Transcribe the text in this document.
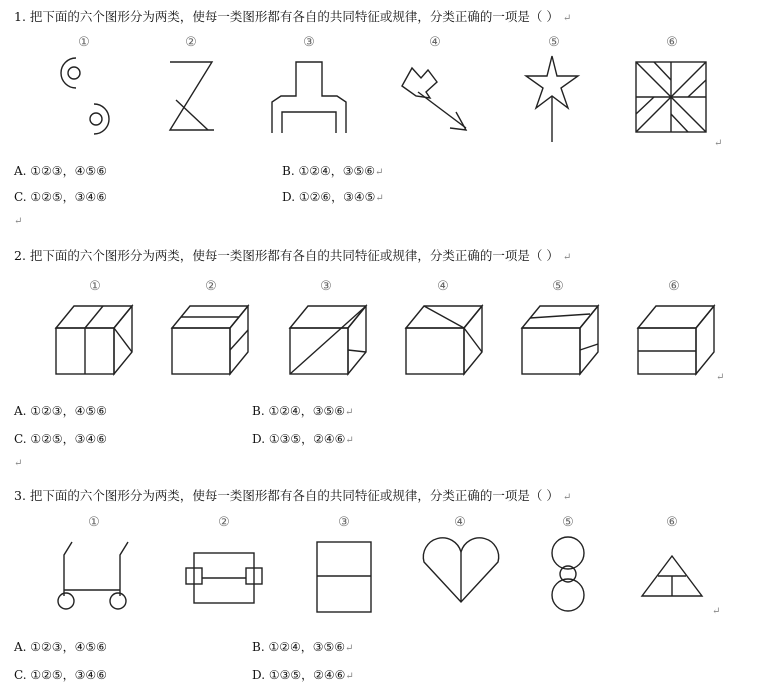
1. 把下面的六个图形分为两类，使每一类图形都有各自的共同特征或规律，分类正确的一项是（ ） ↵
①	②	③	④	⑤	⑥
A. ①②③，④⑤⑥	B. ①②④，③⑤⑥↵
C. ①②⑤，③④⑥	D. ①②⑥，③④⑤↵
↵
↵
2. 把下面的六个图形分为两类，使每一类图形都有各自的共同特征或规律，分类正确的一项是（ ） ↵
①	②	③	④	⑤	⑥
↵
A. ①②③，④⑤⑥	B. ①②④，③⑤⑥↵
C. ①②⑤，③④⑥	D. ①③⑤，②④⑥↵
↵
3. 把下面的六个图形分为两类，使每一类图形都有各自的共同特征或规律，分类正确的一项是（ ） ↵
①	②	③	④	⑤	⑥
↵
A. ①②③，④⑤⑥	B. ①②④，③⑤⑥↵
C. ①②⑤，③④⑥	D. ①③⑤，②④⑥↵
